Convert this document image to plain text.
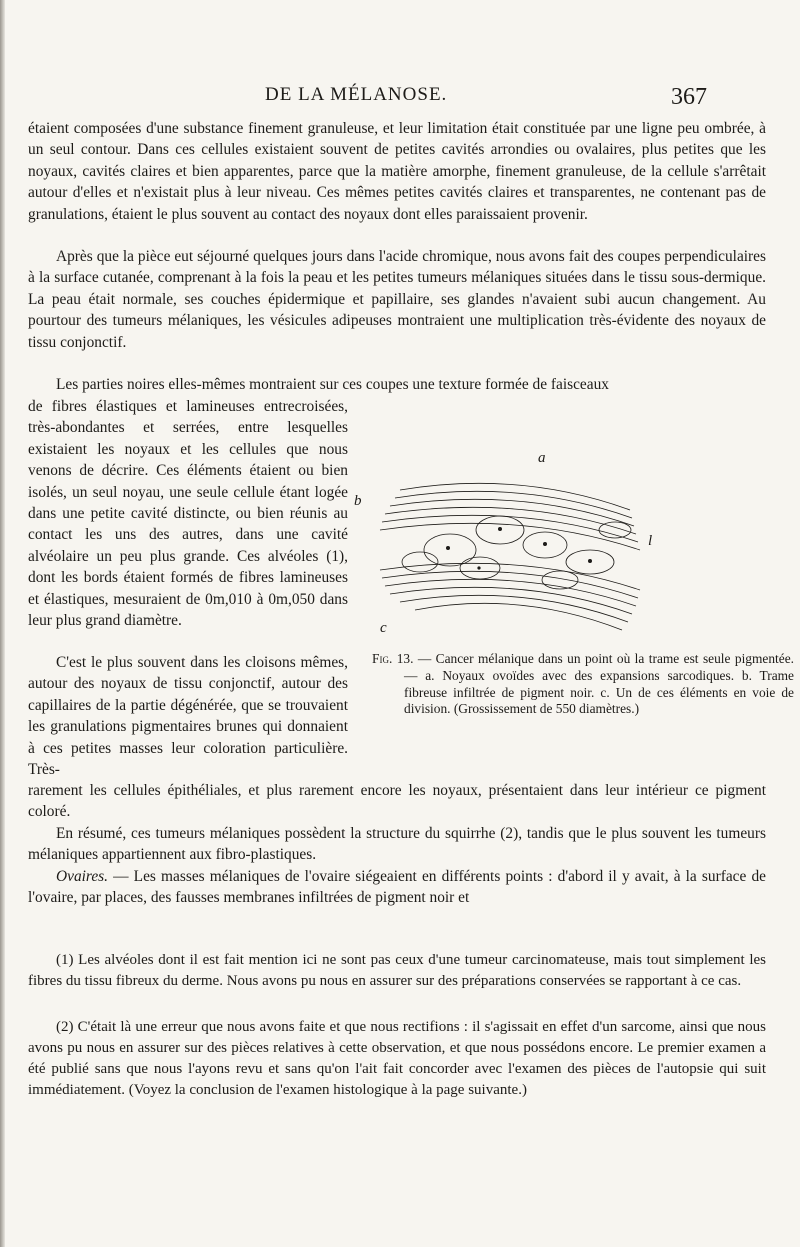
DE LA MÉLANOSE.	367

étaient composées d'une substance finement granuleuse, et leur limitation était constituée par une ligne peu ombrée, à un seul contour. Dans ces cellules existaient souvent de petites cavités arrondies ou ovalaires, plus petites que les noyaux, cavités claires et bien apparentes, parce que la matière amorphe, finement granuleuse, de la cellule s'arrêtait autour d'elles et n'existait plus à leur niveau. Ces mêmes petites cavités claires et transparentes, ne contenant pas de granulations, étaient le plus souvent au contact des noyaux dont elles paraissaient provenir.

Après que la pièce eut séjourné quelques jours dans l'acide chromique, nous avons fait des coupes perpendiculaires à la surface cutanée, comprenant à la fois la peau et les petites tumeurs mélaniques situées dans le tissu sous-dermique. La peau était normale, ses couches épidermique et papillaire, ses glandes n'avaient subi aucun changement. Au pourtour des tumeurs mélaniques, les vésicules adipeuses montraient une multiplication très-évidente des noyaux de tissu conjonctif.

Les parties noires elles-mêmes montraient sur ces coupes une texture formée de faisceaux

de fibres élastiques et lamineuses entrecroisées, très-abondantes et serrées, entre lesquelles existaient les noyaux et les cellules que nous venons de décrire. Ces éléments étaient ou bien isolés, un seul noyau, une seule cellule étant logée dans une petite cavité distincte, ou bien réunis au contact les uns des autres, dans une cavité alvéolaire un peu plus grande. Ces alvéoles (1), dont les bords étaient formés de fibres lamineuses et élastiques, mesuraient de 0m,010 à 0m,050 dans leur plus grand diamètre.

C'est le plus souvent dans les cloisons mêmes, autour des noyaux de tissu conjonctif, autour des capillaires de la partie dégénérée, que se trouvaient les granulations pigmentaires brunes qui donnaient à ces petites masses leur coloration particulière. Très-

rarement les cellules épithéliales, et plus rarement encore les noyaux, présentaient dans leur intérieur ce pigment coloré.

En résumé, ces tumeurs mélaniques possèdent la structure du squirrhe (2), tandis que le plus souvent les tumeurs mélaniques appartiennent aux fibro-plastiques.

Ovaires. — Les masses mélaniques de l'ovaire siégeaient en différents points : d'abord il y avait, à la surface de l'ovaire, par places, des fausses membranes infiltrées de pigment noir et

a
b
c
l

Fig. 13. — Cancer mélanique dans un point où la trame est seule pigmentée. — a. Noyaux ovoïdes avec des expansions sarcodiques. b. Trame fibreuse infiltrée de pigment noir. c. Un de ces éléments en voie de division. (Grossissement de 550 diamètres.)

(1) Les alvéoles dont il est fait mention ici ne sont pas ceux d'une tumeur carcinomateuse, mais tout simplement les fibres du tissu fibreux du derme. Nous avons pu nous en assurer sur des préparations conservées se rapportant à ce cas.

(2) C'était là une erreur que nous avons faite et que nous rectifions : il s'agissait en effet d'un sarcome, ainsi que nous avons pu nous en assurer sur des pièces relatives à cette observation, et que nous possédons encore. Le premier examen a été publié sans que nous l'ayons revu et sans qu'on l'ait fait concorder avec l'examen des pièces de l'autopsie qui suit immédiatement. (Voyez la conclusion de l'examen histologique à la page suivante.)
